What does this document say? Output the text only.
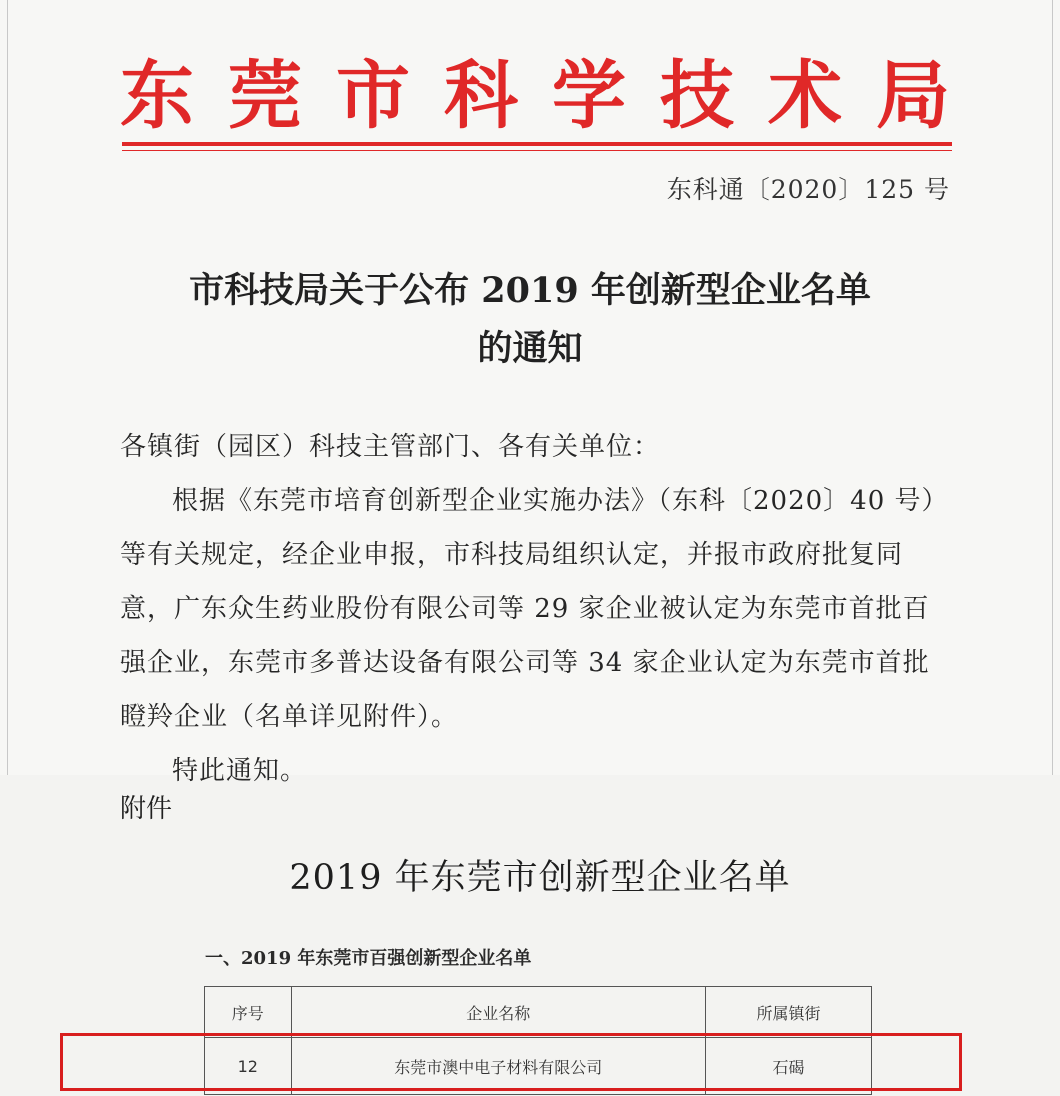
东 莞 市 科 学 技 术 局
东科通〔2020〕125 号
市科技局关于公布 2019 年创新型企业名单
的通知

各镇街（园区）科技主管部门、各有关单位：

根据《东莞市培育创新型企业实施办法》（东科〔2020〕40 号）等有关规定，经企业申报，市科技局组织认定，并报市政府批复同意，广东众生药业股份有限公司等 29 家企业被认定为东莞市首批百强企业，东莞市多普达设备有限公司等 34 家企业认定为东莞市首批瞪羚企业（名单详见附件）。

特此通知。

附件
2019 年东莞市创新型企业名单
一、2019 年东莞市百强创新型企业名单
序号	企业名称	所属镇街
12	东莞市澳中电子材料有限公司	石碣
